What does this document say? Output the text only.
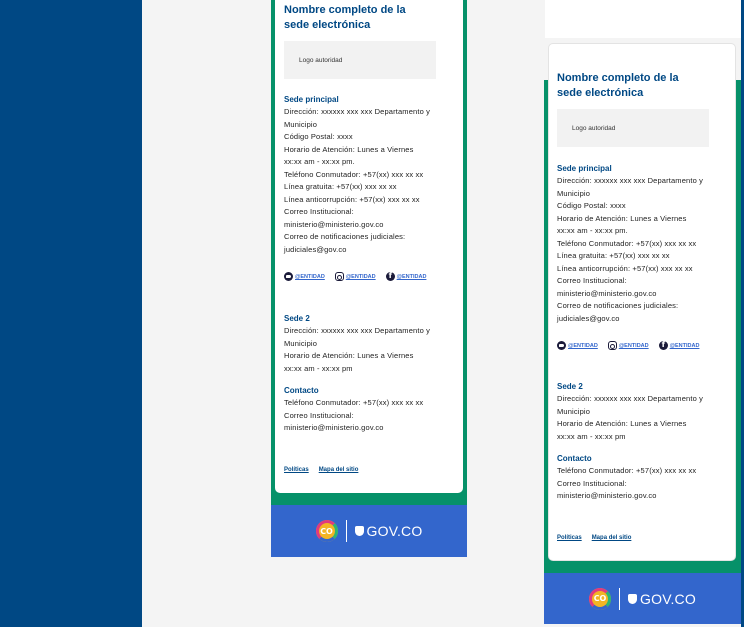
Nombre completo de la sede electrónica

Logo autoridad

Sede principal

Dirección: xxxxxx xxx xxx Departamento y
Municipio
Código Postal: xxxx
Horario de Atención: Lunes a Viernes
xx:xx am - xx:xx pm.
Teléfono Conmutador: +57(xx) xxx xx xx
Línea gratuita: +57(xx) xxx xx xx
Línea anticorrupción: +57(xx) xxx xx xx
Correo Institucional:
ministerio@ministerio.gov.co
Correo de notificaciones judiciales:
judiciales@gov.co
@ENTIDAD	@ENTIDAD f	@ENTIDAD

Sede 2

Dirección: xxxxxx xxx xxx Departamento y
Municipio
Horario de Atención: Lunes a Viernes
xx:xx am - xx:xx pm

Contacto

Teléfono Conmutador: +57(xx) xxx xx xx
Correo Institucional:
ministerio@ministerio.gov.co
Políticas Mapa del sitio
CO GOV.CO

Nombre completo de la sede electrónica

Logo autoridad

Sede principal

Dirección: xxxxxx xxx xxx Departamento y
Municipio
Código Postal: xxxx
Horario de Atención: Lunes a Viernes
xx:xx am - xx:xx pm.
Teléfono Conmutador: +57(xx) xxx xx xx
Línea gratuita: +57(xx) xxx xx xx
Línea anticorrupción: +57(xx) xxx xx xx
Correo Institucional:
ministerio@ministerio.gov.co
Correo de notificaciones judiciales:
judiciales@gov.co
@ENTIDAD	@ENTIDAD f	@ENTIDAD

Sede 2

Dirección: xxxxxx xxx xxx Departamento y
Municipio
Horario de Atención: Lunes a Viernes
xx:xx am - xx:xx pm

Contacto

Teléfono Conmutador: +57(xx) xxx xx xx
Correo Institucional:
ministerio@ministerio.gov.co
Políticas Mapa del sitio
CO GOV.CO
